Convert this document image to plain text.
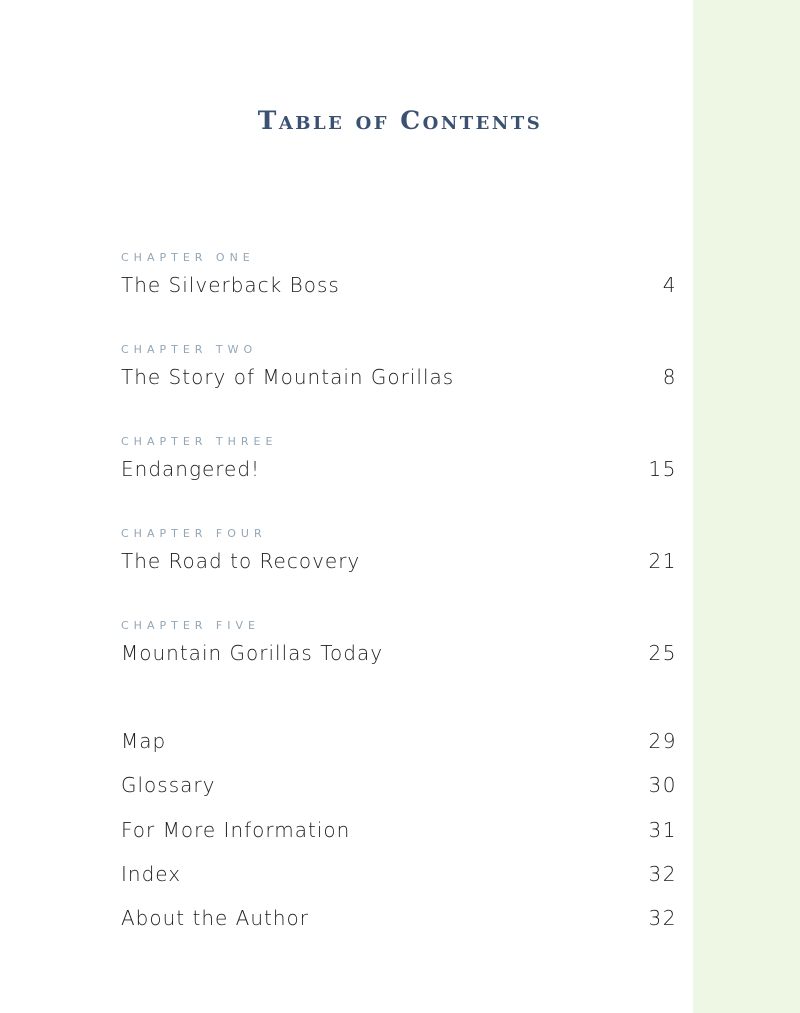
Table of Contents
CHAPTER ONE
The Silverback Boss	4
CHAPTER TWO
The Story of Mountain Gorillas	8
CHAPTER THREE
Endangered!	15
CHAPTER FOUR
The Road to Recovery	21
CHAPTER FIVE
Mountain Gorillas Today	25
Map	29
Glossary	30
For More Information	31
Index	32
About the Author	32
